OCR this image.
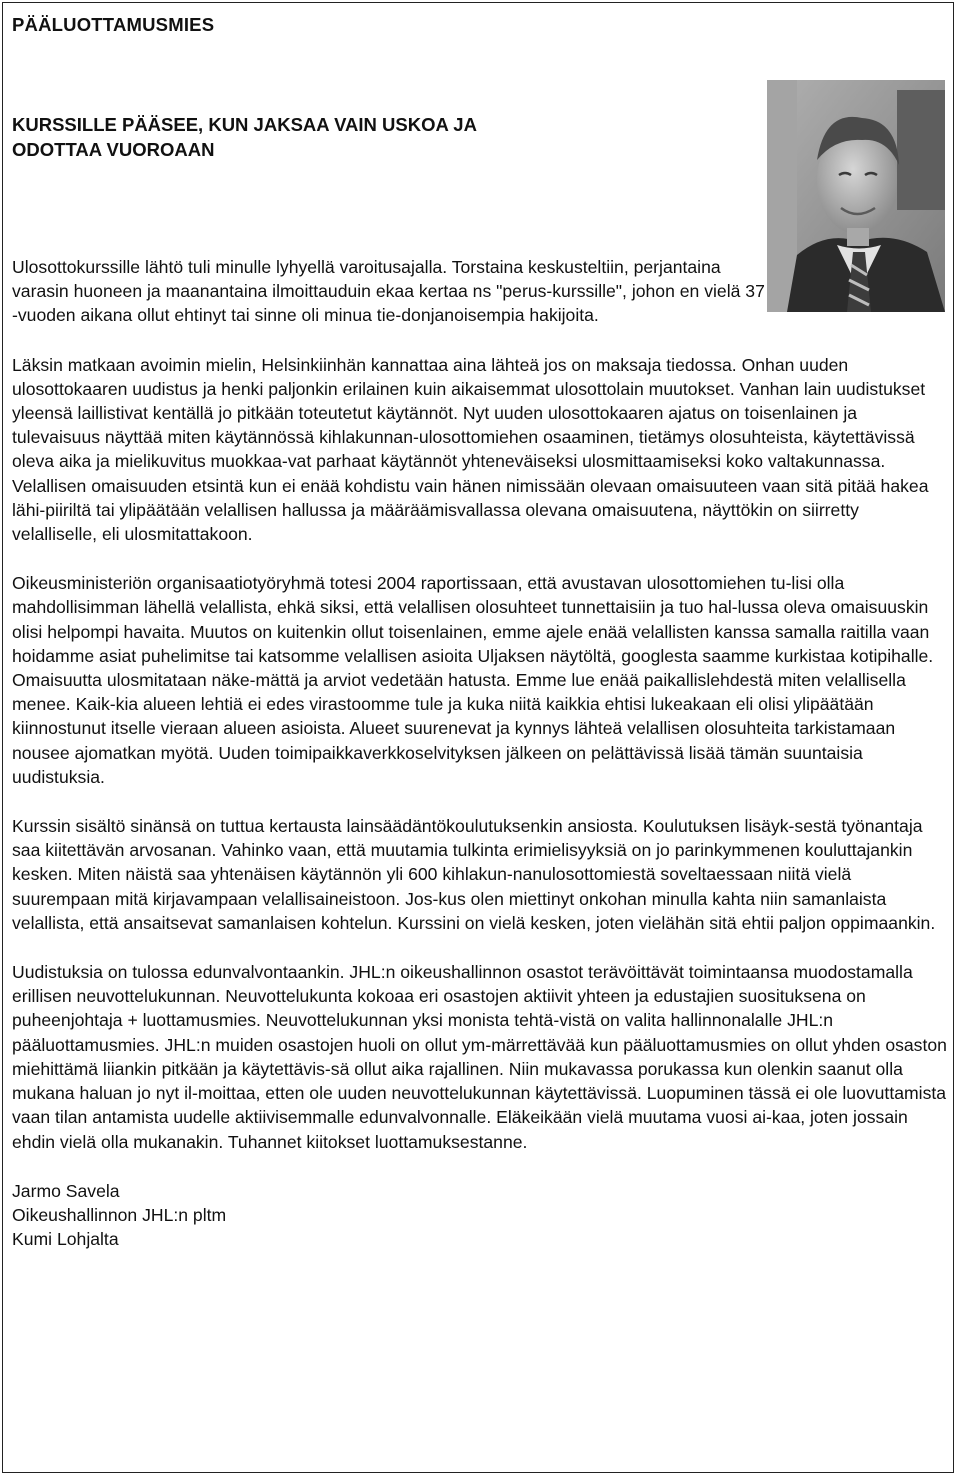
PÄÄLUOTTAMUSMIES
KURSSILLE PÄÄSEE, KUN JAKSAA VAIN USKOA JA
ODOTTAA VUOROAAN

Ulosottokurssille lähtö tuli minulle lyhyellä varoitusajalla. Torstaina keskusteltiin, perjantaina varasin huoneen ja maanantaina ilmoittauduin ekaa kertaa ns "perus-kurssille", johon en vielä 37 -vuoden aikana ollut ehtinyt tai sinne oli minua tie-donjanoisempia hakijoita.

Läksin matkaan avoimin mielin, Helsinkiinhän kannattaa aina lähteä jos on maksaja tiedossa. Onhan uuden ulosottokaaren uudistus ja henki paljonkin erilainen kuin aikaisemmat ulosottolain muutokset. Vanhan lain uudistukset yleensä laillistivat kentällä jo pitkään toteutetut käytännöt. Nyt uuden ulosottokaaren ajatus on toisenlainen ja tulevaisuus näyttää miten käytännössä kihlakunnan-ulosottomiehen osaaminen, tietämys olosuhteista, käytettävissä oleva aika ja mielikuvitus muokkaa-vat parhaat käytännöt yhteneväiseksi ulosmittaamiseksi koko valtakunnassa. Velallisen omaisuuden etsintä kun ei enää kohdistu vain hänen nimissään olevaan omaisuuteen vaan sitä pitää hakea lähi-piiriltä tai ylipäätään velallisen hallussa ja määräämisvallassa olevana omaisuutena, näyttökin on siirretty velalliselle, eli ulosmitattakoon.

Oikeusministeriön organisaatiotyöryhmä totesi 2004 raportissaan, että avustavan ulosottomiehen tu-lisi olla mahdollisimman lähellä velallista, ehkä siksi, että velallisen olosuhteet tunnettaisiin ja tuo hal-lussa oleva omaisuuskin olisi helpompi havaita. Muutos on kuitenkin ollut toisenlainen, emme ajele enää velallisten kanssa samalla raitilla vaan hoidamme asiat puhelimitse tai katsomme velallisen asioita Uljaksen näytöltä, googlesta saamme kurkistaa kotipihalle. Omaisuutta ulosmitataan näke-mättä ja arviot vedetään hatusta. Emme lue enää paikallislehdestä miten velallisella menee. Kaik-kia alueen lehtiä ei edes virastoomme tule ja kuka niitä kaikkia ehtisi lukeakaan eli olisi ylipäätään kiinnostunut itselle vieraan alueen asioista. Alueet suurenevat ja kynnys lähteä velallisen olosuhteita tarkistamaan nousee ajomatkan myötä. Uuden toimipaikkaverkkoselvityksen jälkeen on pelättävissä lisää tämän suuntaisia uudistuksia.

Kurssin sisältö sinänsä on tuttua kertausta lainsäädäntökoulutuksenkin ansiosta. Koulutuksen lisäyk-sestä työnantaja saa kiitettävän arvosanan. Vahinko vaan, että muutamia tulkinta erimielisyyksiä on jo parinkymmenen kouluttajankin kesken. Miten näistä saa yhtenäisen käytännön yli 600 kihlakun-nanulosottomiestä soveltaessaan niitä vielä suurempaan mitä kirjavampaan velallisaineistoon. Jos-kus olen miettinyt onkohan minulla kahta niin samanlaista velallista, että ansaitsevat samanlaisen kohtelun. Kurssini on vielä kesken, joten vielähän sitä ehtii paljon oppimaankin.

Uudistuksia on tulossa edunvalvontaankin. JHL:n oikeushallinnon osastot terävöittävät toimintaansa muodostamalla erillisen neuvottelukunnan. Neuvottelukunta kokoaa eri osastojen aktiivit yhteen ja edustajien suosituksena on puheenjohtaja + luottamusmies. Neuvottelukunnan yksi monista tehtä-vistä on valita hallinnonalalle JHL:n pääluottamusmies. JHL:n muiden osastojen huoli on ollut ym-märrettävää kun pääluottamusmies on ollut yhden osaston miehittämä liiankin pitkään ja käytettävis-sä ollut aika rajallinen. Niin mukavassa porukassa kun olenkin saanut olla mukana haluan jo nyt il-moittaa, etten ole uuden neuvottelukunnan käytettävissä. Luopuminen tässä ei ole luovuttamista vaan tilan antamista uudelle aktiivisemmalle edunvalvonnalle. Eläkeikään vielä muutama vuosi ai-kaa, joten jossain ehdin vielä olla mukanakin. Tuhannet kiitokset luottamuksestanne.

Jarmo Savela
Oikeushallinnon JHL:n pltm
Kumi Lohjalta
